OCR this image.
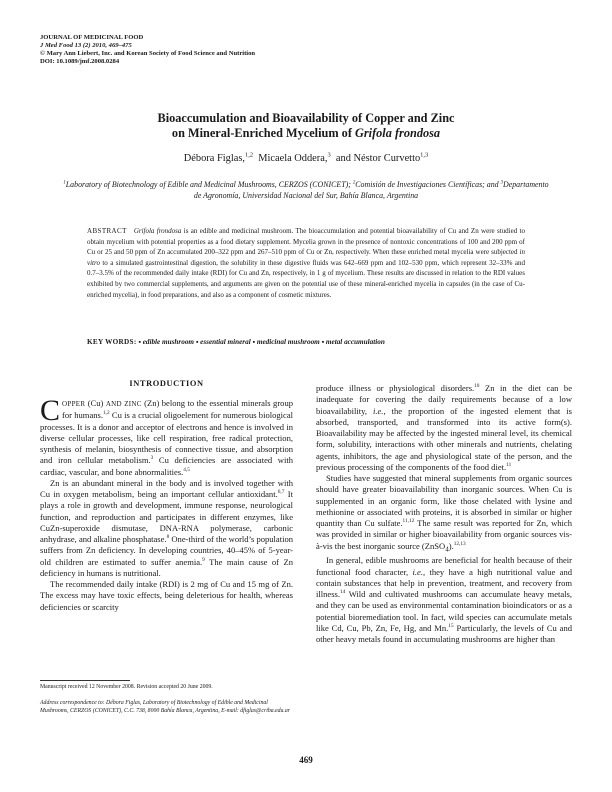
JOURNAL OF MEDICINAL FOOD
J Med Food 13 (2) 2010, 469–475
© Mary Ann Liebert, Inc. and Korean Society of Food Science and Nutrition
DOI: 10.1089/jmf.2008.0284
Bioaccumulation and Bioavailability of Copper and Zinc
on Mineral-Enriched Mycelium of Grifola frondosa
Débora Figlas,$^{1,2}$ Micaela Oddera,$^3$ and Néstor Curvetto$^{1,3}$
$^1$Laboratory of Biotechnology of Edible and Medicinal Mushrooms, CERZOS (CONICET); $^2$Comisión de Investigaciones Científicas; and $^3$Departamento de Agronomía, Universidad Nacional del Sur, Bahía Blanca, Argentina
ABSTRACT Grifola frondosa is an edible and medicinal mushroom. The bioaccumulation and potential bioavailability of Cu and Zn were studied to obtain mycelium with potential properties as a food dietary supplement. Mycelia grown in the presence of nontoxic concentrations of 100 and 200 ppm of Cu or 25 and 50 ppm of Zn accumulated 200–322 ppm and 267–510 ppm of Cu or Zn, respectively. When these enriched metal mycelia were subjected in vitro to a simulated gastrointestinal digestion, the solubility in these digestive fluids was 642–669 ppm and 102–530 ppm, which represent 32–33% and 0.7–3.5% of the recommended daily intake (RDI) for Cu and Zn, respectively, in 1 g of mycelium. These results are discussed in relation to the RDI values exhibited by two commercial supplements, and arguments are given on the potential use of these mineral-enriched mycelia in capsules (in the case of Cu-enriched mycelia), in food preparations, and also as a component of cosmetic mixtures.
KEY WORDS: ▪ edible mushroom ▪ essential mineral ▪ medicinal mushroom ▪ metal accumulation
INTRODUCTION

COPPER (Cu) AND ZINC (Zn) belong to the essential minerals group for humans.$^{1,2}$ Cu is a crucial oligoelement for numerous biological processes. It is a donor and acceptor of electrons and hence is involved in diverse cellular processes, like cell respiration, free radical protection, synthesis of melanin, biosynthesis of connective tissue, and absorption and iron cellular metabolism.$^3$ Cu deficiencies are associated with cardiac, vascular, and bone abnormalities.$^{4,5}$

Zn is an abundant mineral in the body and is involved together with Cu in oxygen metabolism, being an important cellular antioxidant.$^{6,7}$ It plays a role in growth and development, immune response, neurological function, and reproduction and participates in different enzymes, like CuZn-superoxide dismutase, DNA-RNA polymerase, carbonic anhydrase, and alkaline phosphatase.$^8$ One-third of the world’s population suffers from Zn deficiency. In developing countries, 40–45% of 5-year-old children are estimated to suffer anemia.$^9$ The main cause of Zn deficiency in humans is nutritional.

The recommended daily intake (RDI) is 2 mg of Cu and 15 mg of Zn. The excess may have toxic effects, being deleterious for health, whereas deficiencies or scarcity

produce illness or physiological disorders.$^{10}$ Zn in the diet can be inadequate for covering the daily requirements because of a low bioavailability, i.e., the proportion of the ingested element that is absorbed, transported, and transformed into its active form(s). Bioavailability may be affected by the ingested mineral level, its chemical form, solubility, interactions with other minerals and nutrients, chelating agents, inhibitors, the age and physiological state of the person, and the previous processing of the components of the food diet.$^{11}$

Studies have suggested that mineral supplements from organic sources should have greater bioavailability than inorganic sources. When Cu is supplemented in an organic form, like those chelated with lysine and methionine or associated with proteins, it is absorbed in similar or higher quantity than Cu sulfate.$^{11,12}$ The same result was reported for Zn, which was provided in similar or higher bioavailability from organic sources vis-à-vis the best inorganic source (ZnSO$_4$).$^{12,13}$

In general, edible mushrooms are beneficial for health because of their functional food character, i.e., they have a high nutritional value and contain substances that help in prevention, treatment, and recovery from illness.$^{14}$ Wild and cultivated mushrooms can accumulate heavy metals, and they can be used as environmental contamination bioindicators or as a potential bioremediation tool. In fact, wild species can accumulate metals like Cd, Cu, Pb, Zn, Fe, Hg, and Mn.$^{15}$ Particularly, the levels of Cu and other heavy metals found in accumulating mushrooms are higher than

Manuscript received 12 November 2008. Revision accepted 20 June 2009.
Address correspondence to: Débora Figlas, Laboratory of Biotechnology of Edible and Medicinal Mushrooms, CERZOS (CONICET), C.C. 738, 8000 Bahía Blanca, Argentina, E-mail: dfiglas@criba.edu.ar
469
